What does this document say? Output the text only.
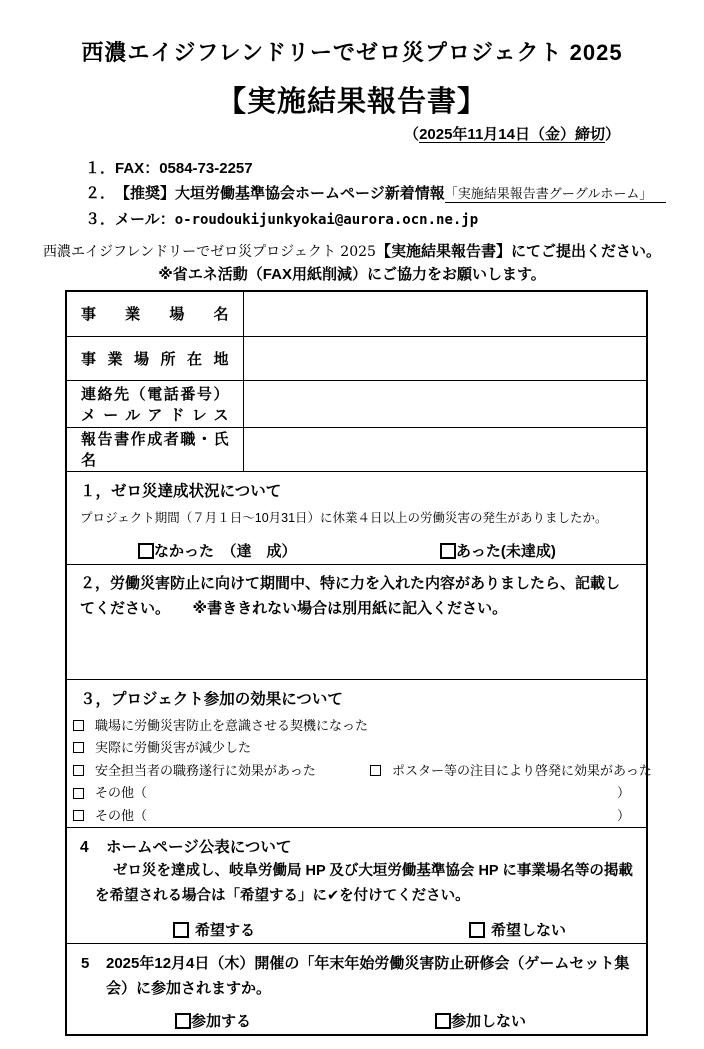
西濃エイジフレンドリーでゼロ災プロジェクト 2025
【実施結果報告書】
（2025年11月14日（金）締切）
１．FAX：0584-73-2257
２．【推奨】大垣労働基準協会ホームページ新着情報「実施結果報告書グーグルホーム」
３．メール：o-roudoukijunkyokai@aurora.ocn.ne.jp
西濃エイジフレンドリーでゼロ災プロジェクト 2025【実施結果報告書】にてご提出ください。
※省エネ活動（FAX用紙削減）にご協力をお願いします。
事業場名	

事業場所在地	

連絡先（電話番号）
メールアドレス	

報告書作成者職・氏名	

１，ゼロ災達成状況について
プロジェクト期間（７月１日～10月31日）に休業４日以上の労働災害の発生がありましたか。
なかった　（達　成） あった(未達成)	

２，労働災害防止に向けて期間中、特に力を入れた内容がありましたら、記載してください。　　 ※書ききれない場合は別用紙に記入ください。	

３，プロジェクト参加の効果について
職場に労働災害防止を意識させる契機になった
実際に労働災害が減少した
安全担当者の職務遂行に効果があった	ポスター等の注目により啓発に効果があった
その他（	）
その他（	）

4 ホームページ公表について
ゼロ災を達成し、岐阜労働局 HP 及び大垣労働基準協会 HP に事業場名等の掲載を希望される場合は「希望する」に✔を付けてください。
希望する 希望しない	

5 2025年12月4日（木）開催の「年末年始労働災害防止研修会（ゲームセット集会）に参加されますか。
参加する 参加しない	
